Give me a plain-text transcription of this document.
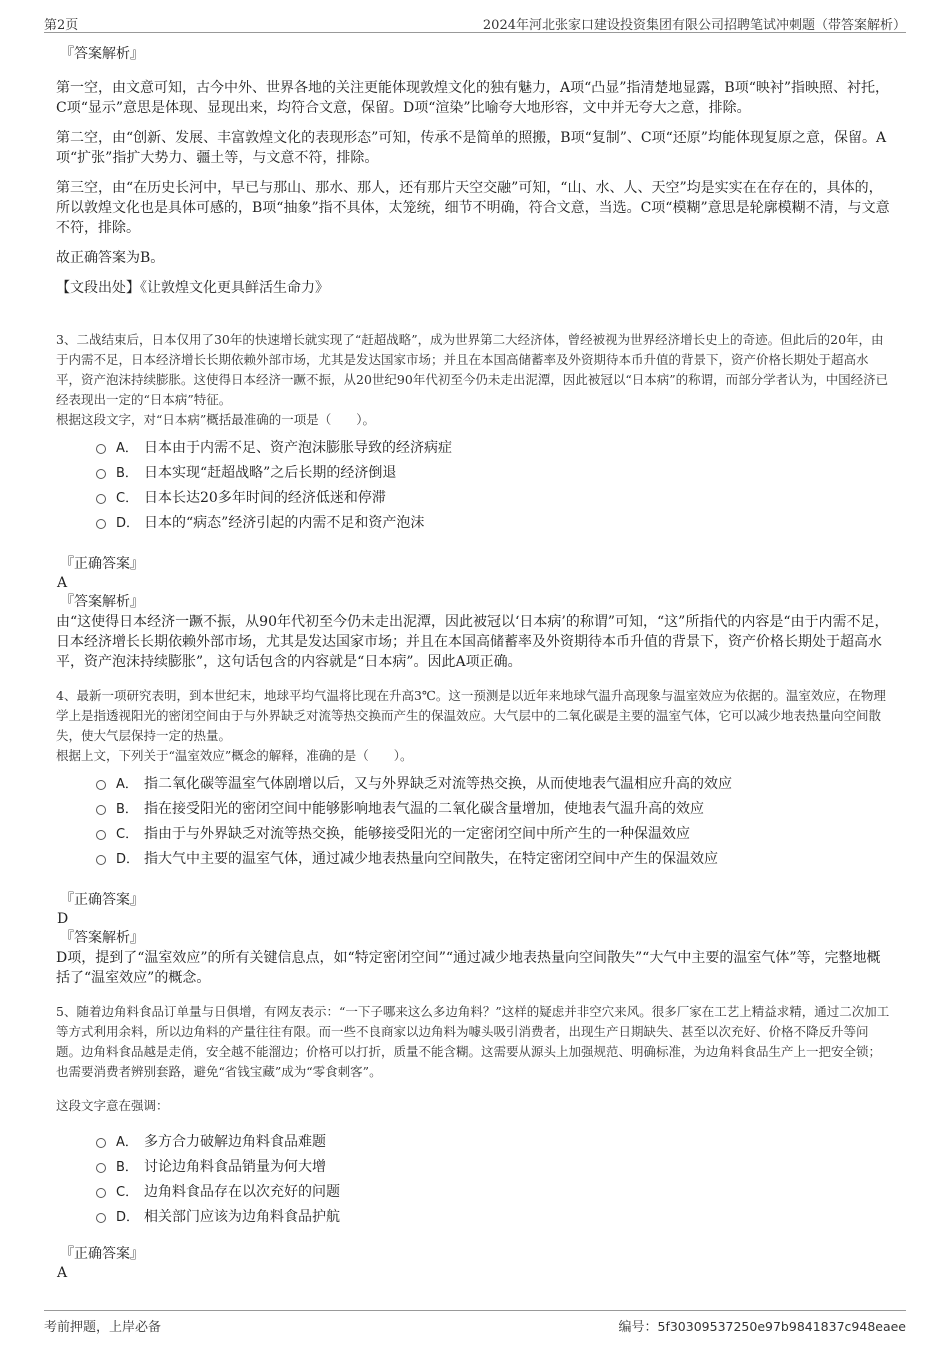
第2页	2024年河北张家口建设投资集团有限公司招聘笔试冲刺题（带答案解析）
『答案解析』

第一空，由文意可知，古今中外、世界各地的关注更能体现敦煌文化的独有魅力，A项“凸显”指清楚地显露，B项“映衬”指映照、衬托，C项“显示”意思是体现、显现出来，均符合文意，保留。D项“渲染”比喻夸大地形容，文中并无夸大之意，排除。

第二空，由“创新、发展、丰富敦煌文化的表现形态”可知，传承不是简单的照搬，B项“复制”、C项“还原”均能体现复原之意，保留。A项“扩张”指扩大势力、疆土等，与文意不符，排除。

第三空，由“在历史长河中，早已与那山、那水、那人，还有那片天空交融”可知，“山、水、人、天空”均是实实在在存在的，具体的，所以敦煌文化也是具体可感的，B项“抽象”指不具体，太笼统，细节不明确，符合文意，当选。C项“模糊”意思是轮廓模糊不清，与文意不符，排除。

故正确答案为B。

【文段出处】《让敦煌文化更具鲜活生命力》

3、二战结束后，日本仅用了30年的快速增长就实现了“赶超战略”，成为世界第二大经济体，曾经被视为世界经济增长史上的奇迹。但此后的20年，由于内需不足，日本经济增长长期依赖外部市场，尤其是发达国家市场；并且在本国高储蓄率及外资期待本币升值的背景下，资产价格长期处于超高水平，资产泡沫持续膨胀。这使得日本经济一蹶不振，从20世纪90年代初至今仍未走出泥潭，因此被冠以“日本病”的称谓，而部分学者认为，中国经济已经表现出一定的“日本病”特征。

根据这段文字，对“日本病”概括最准确的一项是（　　）。

A． 日本由于内需不足、资产泡沫膨胀导致的经济病症
B． 日本实现“赶超战略”之后长期的经济倒退
C． 日本长达20多年时间的经济低迷和停滞
D． 日本的“病态”经济引起的内需不足和资产泡沫
『正确答案』
A
『答案解析』

由“这使得日本经济一蹶不振，从90年代初至今仍未走出泥潭，因此被冠以‘日本病’的称谓”可知，“这”所指代的内容是“由于内需不足，日本经济增长长期依赖外部市场，尤其是发达国家市场；并且在本国高储蓄率及外资期待本币升值的背景下，资产价格长期处于超高水平，资产泡沫持续膨胀”，这句话包含的内容就是“日本病”。因此A项正确。

4、最新一项研究表明，到本世纪末，地球平均气温将比现在升高3℃。这一预测是以近年来地球气温升高现象与温室效应为依据的。温室效应，在物理学上是指透视阳光的密闭空间由于与外界缺乏对流等热交换而产生的保温效应。大气层中的二氧化碳是主要的温室气体，它可以减少地表热量向空间散失，使大气层保持一定的热量。

根据上文，下列关于“温室效应”概念的解释，准确的是（　　）。

A． 指二氧化碳等温室气体剧增以后，又与外界缺乏对流等热交换，从而使地表气温相应升高的效应
B． 指在接受阳光的密闭空间中能够影响地表气温的二氧化碳含量增加，使地表气温升高的效应
C． 指由于与外界缺乏对流等热交换，能够接受阳光的一定密闭空间中所产生的一种保温效应
D． 指大气中主要的温室气体，通过减少地表热量向空间散失，在特定密闭空间中产生的保温效应
『正确答案』
D
『答案解析』

D项，提到了“温室效应”的所有关键信息点，如“特定密闭空间”“通过减少地表热量向空间散失”“大气中主要的温室气体”等，完整地概括了“温室效应”的概念。

5、随着边角料食品订单量与日俱增，有网友表示：“一下子哪来这么多边角料？”这样的疑虑并非空穴来风。很多厂家在工艺上精益求精，通过二次加工等方式利用余料，所以边角料的产量往往有限。而一些不良商家以边角料为噱头吸引消费者，出现生产日期缺失、甚至以次充好、价格不降反升等问题。边角料食品越是走俏，安全越不能溜边；价格可以打折，质量不能含糊。这需要从源头上加强规范、明确标准，为边角料食品生产上一把安全锁；也需要消费者辨别套路，避免“省钱宝藏”成为“零食刺客”。

这段文字意在强调：

A． 多方合力破解边角料食品难题
B． 讨论边角料食品销量为何大增
C． 边角料食品存在以次充好的问题
D． 相关部门应该为边角料食品护航
『正确答案』
A
考前押题，上岸必备	编号：5f30309537250e97b9841837c948eaee
